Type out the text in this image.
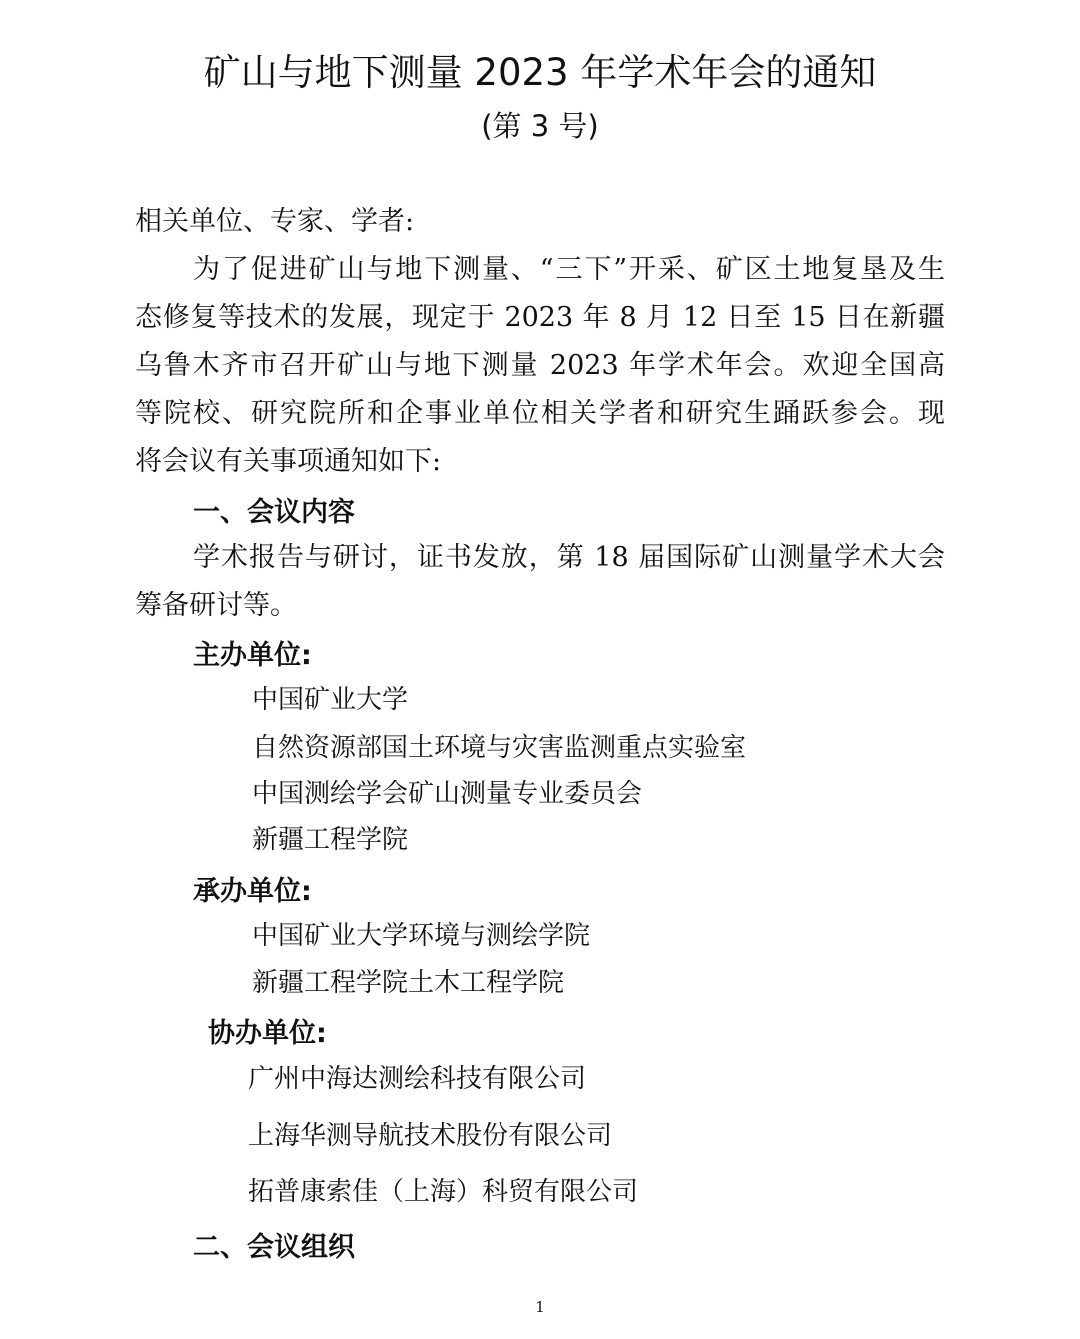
矿山与地下测量 2023 年学术年会的通知
(第 3 号)
相关单位、专家、学者:
为了促进矿山与地下测量、“三下”开采、矿区土地复垦及生
态修复等技术的发展，现定于 2023 年 8 月 12 日至 15 日在新疆
乌鲁木齐市召开矿山与地下测量 2023 年学术年会。欢迎全国高
等院校、研究院所和企事业单位相关学者和研究生踊跃参会。现
将会议有关事项通知如下:
一、会议内容
学术报告与研讨，证书发放，第 18 届国际矿山测量学术大会
筹备研讨等。
主办单位:
中国矿业大学
自然资源部国土环境与灾害监测重点实验室
中国测绘学会矿山测量专业委员会
新疆工程学院
承办单位:
中国矿业大学环境与测绘学院
新疆工程学院土木工程学院
协办单位:
广州中海达测绘科技有限公司
上海华测导航技术股份有限公司
拓普康索佳（上海）科贸有限公司
二、会议组织
1
